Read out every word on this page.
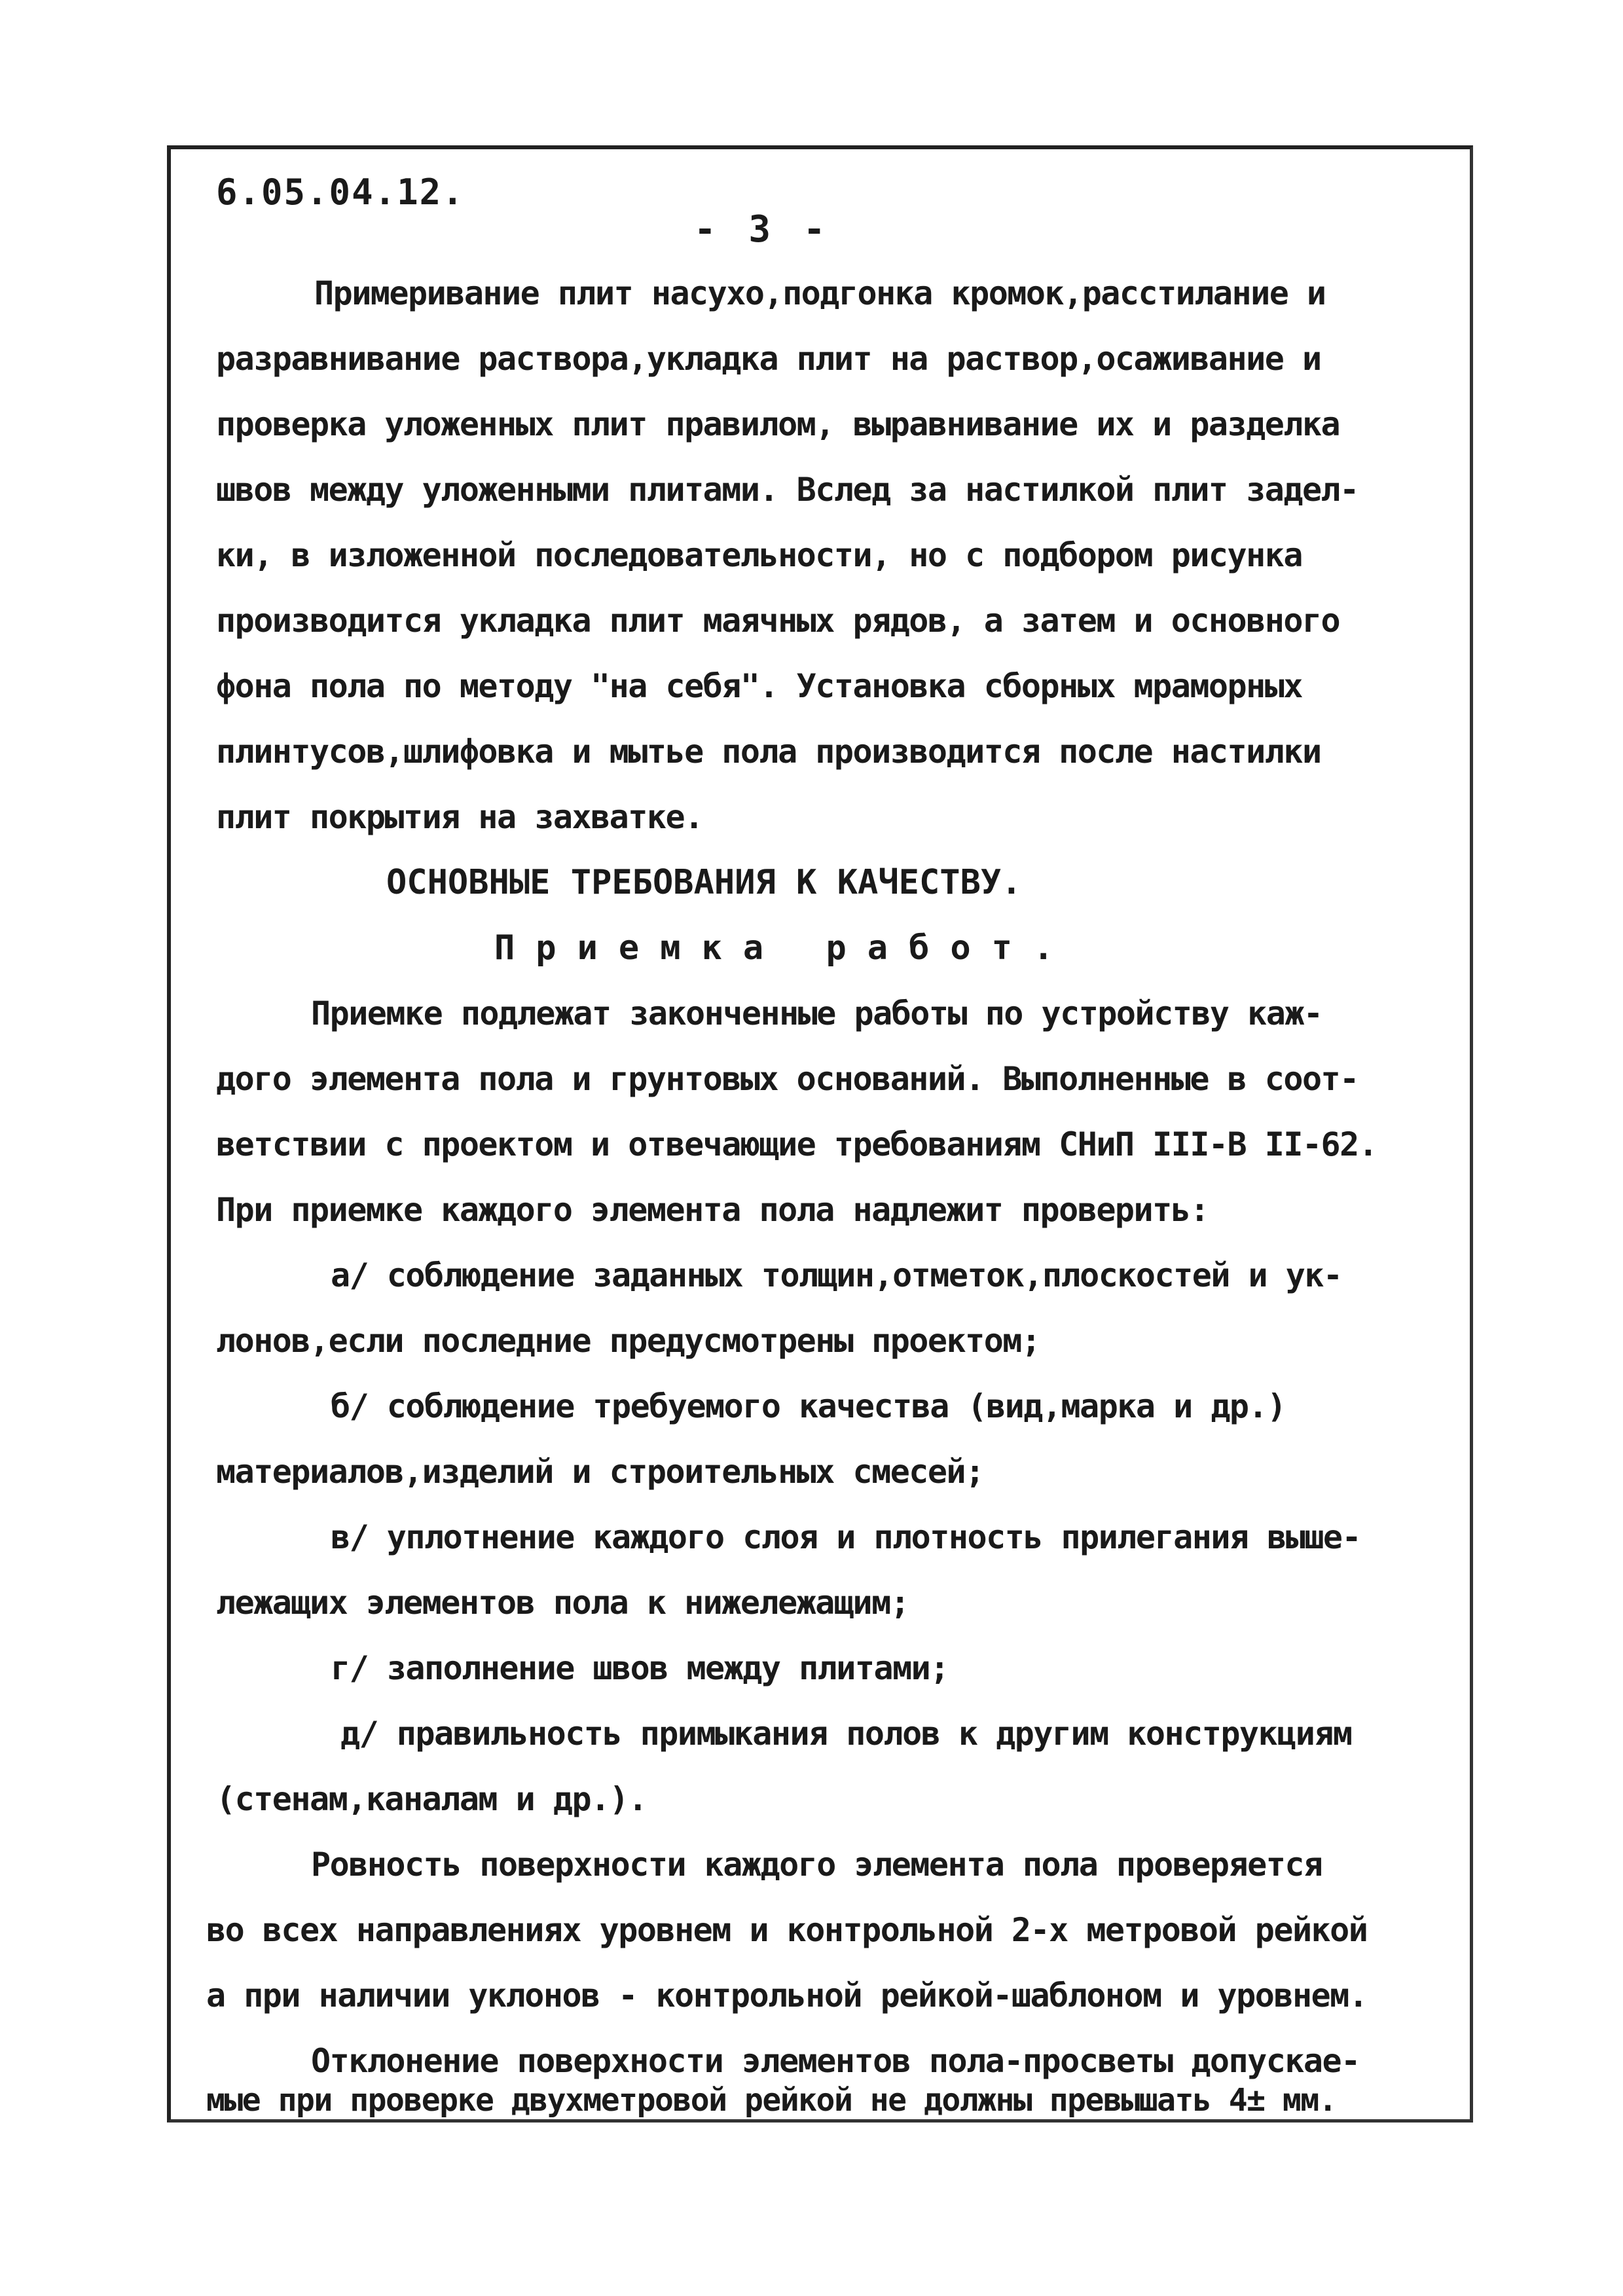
6.05.04.12.
- 3 -
Примеривание плит насухо,подгонка кромок,расстилание и
разравнивание раствора,укладка плит на раствор,осаживание и
проверка уложенных плит правилом, выравнивание их и разделка
швов между уложенными плитами. Вслед за настилкой плит задел-
ки, в изложенной последовательности, но с подбором рисунка
производится укладка плит маячных рядов, а затем и основного
фона пола по методу "на себя". Установка сборных мраморных
плинтусов,шлифовка и мытье пола производится после настилки
плит покрытия на захватке.
ОСНОВНЫЕ ТРЕБОВАНИЯ К КАЧЕСТВУ.
Приемка работ.
Приемке подлежат законченные работы по устройству каж-
дого элемента пола и грунтовых оснований. Выполненные в соот-
ветствии с проектом и отвечающие требованиям СНиП III-В II-62.
При приемке каждого элемента пола надлежит проверить:
а/ соблюдение заданных толщин,отметок,плоскостей и ук-
лонов,если последние предусмотрены проектом;
б/ соблюдение требуемого качества (вид,марка и др.)
материалов,изделий и строительных смесей;
в/ уплотнение каждого слоя и плотность прилегания выше-
лежащих элементов пола к нижележащим;
г/ заполнение швов между плитами;
д/ правильность примыкания полов к другим конструкциям
(стенам,каналам и др.).
Ровность поверхности каждого элемента пола проверяется
во всех направлениях уровнем и контрольной 2-х метровой рейкой
а при наличии уклонов - контрольной рейкой-шаблоном и уровнем.
Отклонение поверхности элементов пола-просветы допускае-
мые при проверке двухметровой рейкой не должны превышать 4± мм.
